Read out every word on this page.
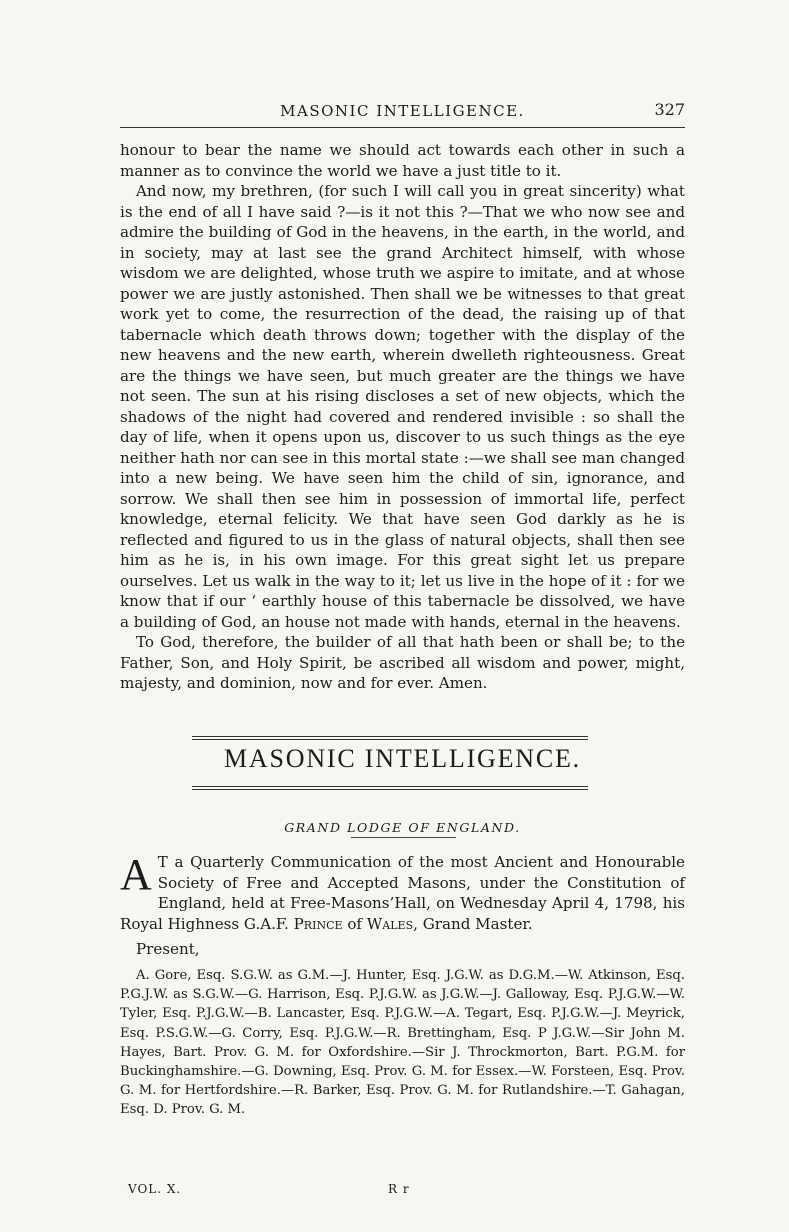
MASONIC INTELLIGENCE.	327

honour to bear the name we should act towards each other in such a manner as to convince the world we have a just title to it.

And now, my brethren, (for such I will call you in great sincerity) what is the end of all I have said ?—is it not this ?—That we who now see and admire the building of God in the heavens, in the earth, in the world, and in society, may at last see the grand Architect himself, with whose wisdom we are delighted, whose truth we aspire to imitate, and at whose power we are justly astonished. Then shall we be witnesses to that great work yet to come, the resurrection of the dead, the raising up of that tabernacle which death throws down; together with the display of the new heavens and the new earth, wherein dwelleth righteousness. Great are the things we have seen, but much greater are the things we have not seen. The sun at his rising discloses a set of new objects, which the shadows of the night had covered and rendered invisible : so shall the day of life, when it opens upon us, discover to us such things as the eye neither hath nor can see in this mortal state :—we shall see man changed into a new being. We have seen him the child of sin, ignorance, and sorrow. We shall then see him in possession of immortal life, perfect knowledge, eternal felicity. We that have seen God darkly as he is reflected and figured to us in the glass of natural objects, shall then see him as he is, in his own image. For this great sight let us prepare ourselves. Let us walk in the way to it; let us live in the hope of it : for we know that if our ‘ earthly house of this tabernacle be dissolved, we have a building of God, an house not made with hands, eternal in the heavens.

To God, therefore, the builder of all that hath been or shall be; to the Father, Son, and Holy Spirit, be ascribed all wisdom and power, might, majesty, and dominion, now and for ever. Amen.

MASONIC INTELLIGENCE.
GRAND LODGE OF ENGLAND.
A T a Quarterly Communication of the most Ancient and Honourable Society of Free and Accepted Masons, under the Constitution of England, held at Free-Masons’Hall, on Wednesday April 4, 1798, his Royal Highness G.A.F. Prince of Wales, Grand Master.
Present,

A. Gore, Esq. S.G.W. as G.M.—J. Hunter, Esq. J.G.W. as D.G.M.—W. Atkinson, Esq. P.G.J.W. as S.G.W.—G. Harrison, Esq. P.J.G.W. as J.G.W.—J. Galloway, Esq. P.J.G.W.—W. Tyler, Esq. P.J.G.W.—B. Lancaster, Esq. P.J.G.W.—A. Tegart, Esq. P.J.G.W.—J. Meyrick, Esq. P.S.G.W.—G. Corry, Esq. P.J.G.W.—R. Brettingham, Esq. P J.G.W.—Sir John M. Hayes, Bart. Prov. G. M. for Oxfordshire.—Sir J. Throckmorton, Bart. P.G.M. for Buckinghamshire.—G. Downing, Esq. Prov. G. M. for Essex.—W. Forsteen, Esq. Prov. G. M. for Hertfordshire.—R. Barker, Esq. Prov. G. M. for Rutlandshire.—T. Gahagan, Esq. D. Prov. G. M.

VOL. X.	R r
